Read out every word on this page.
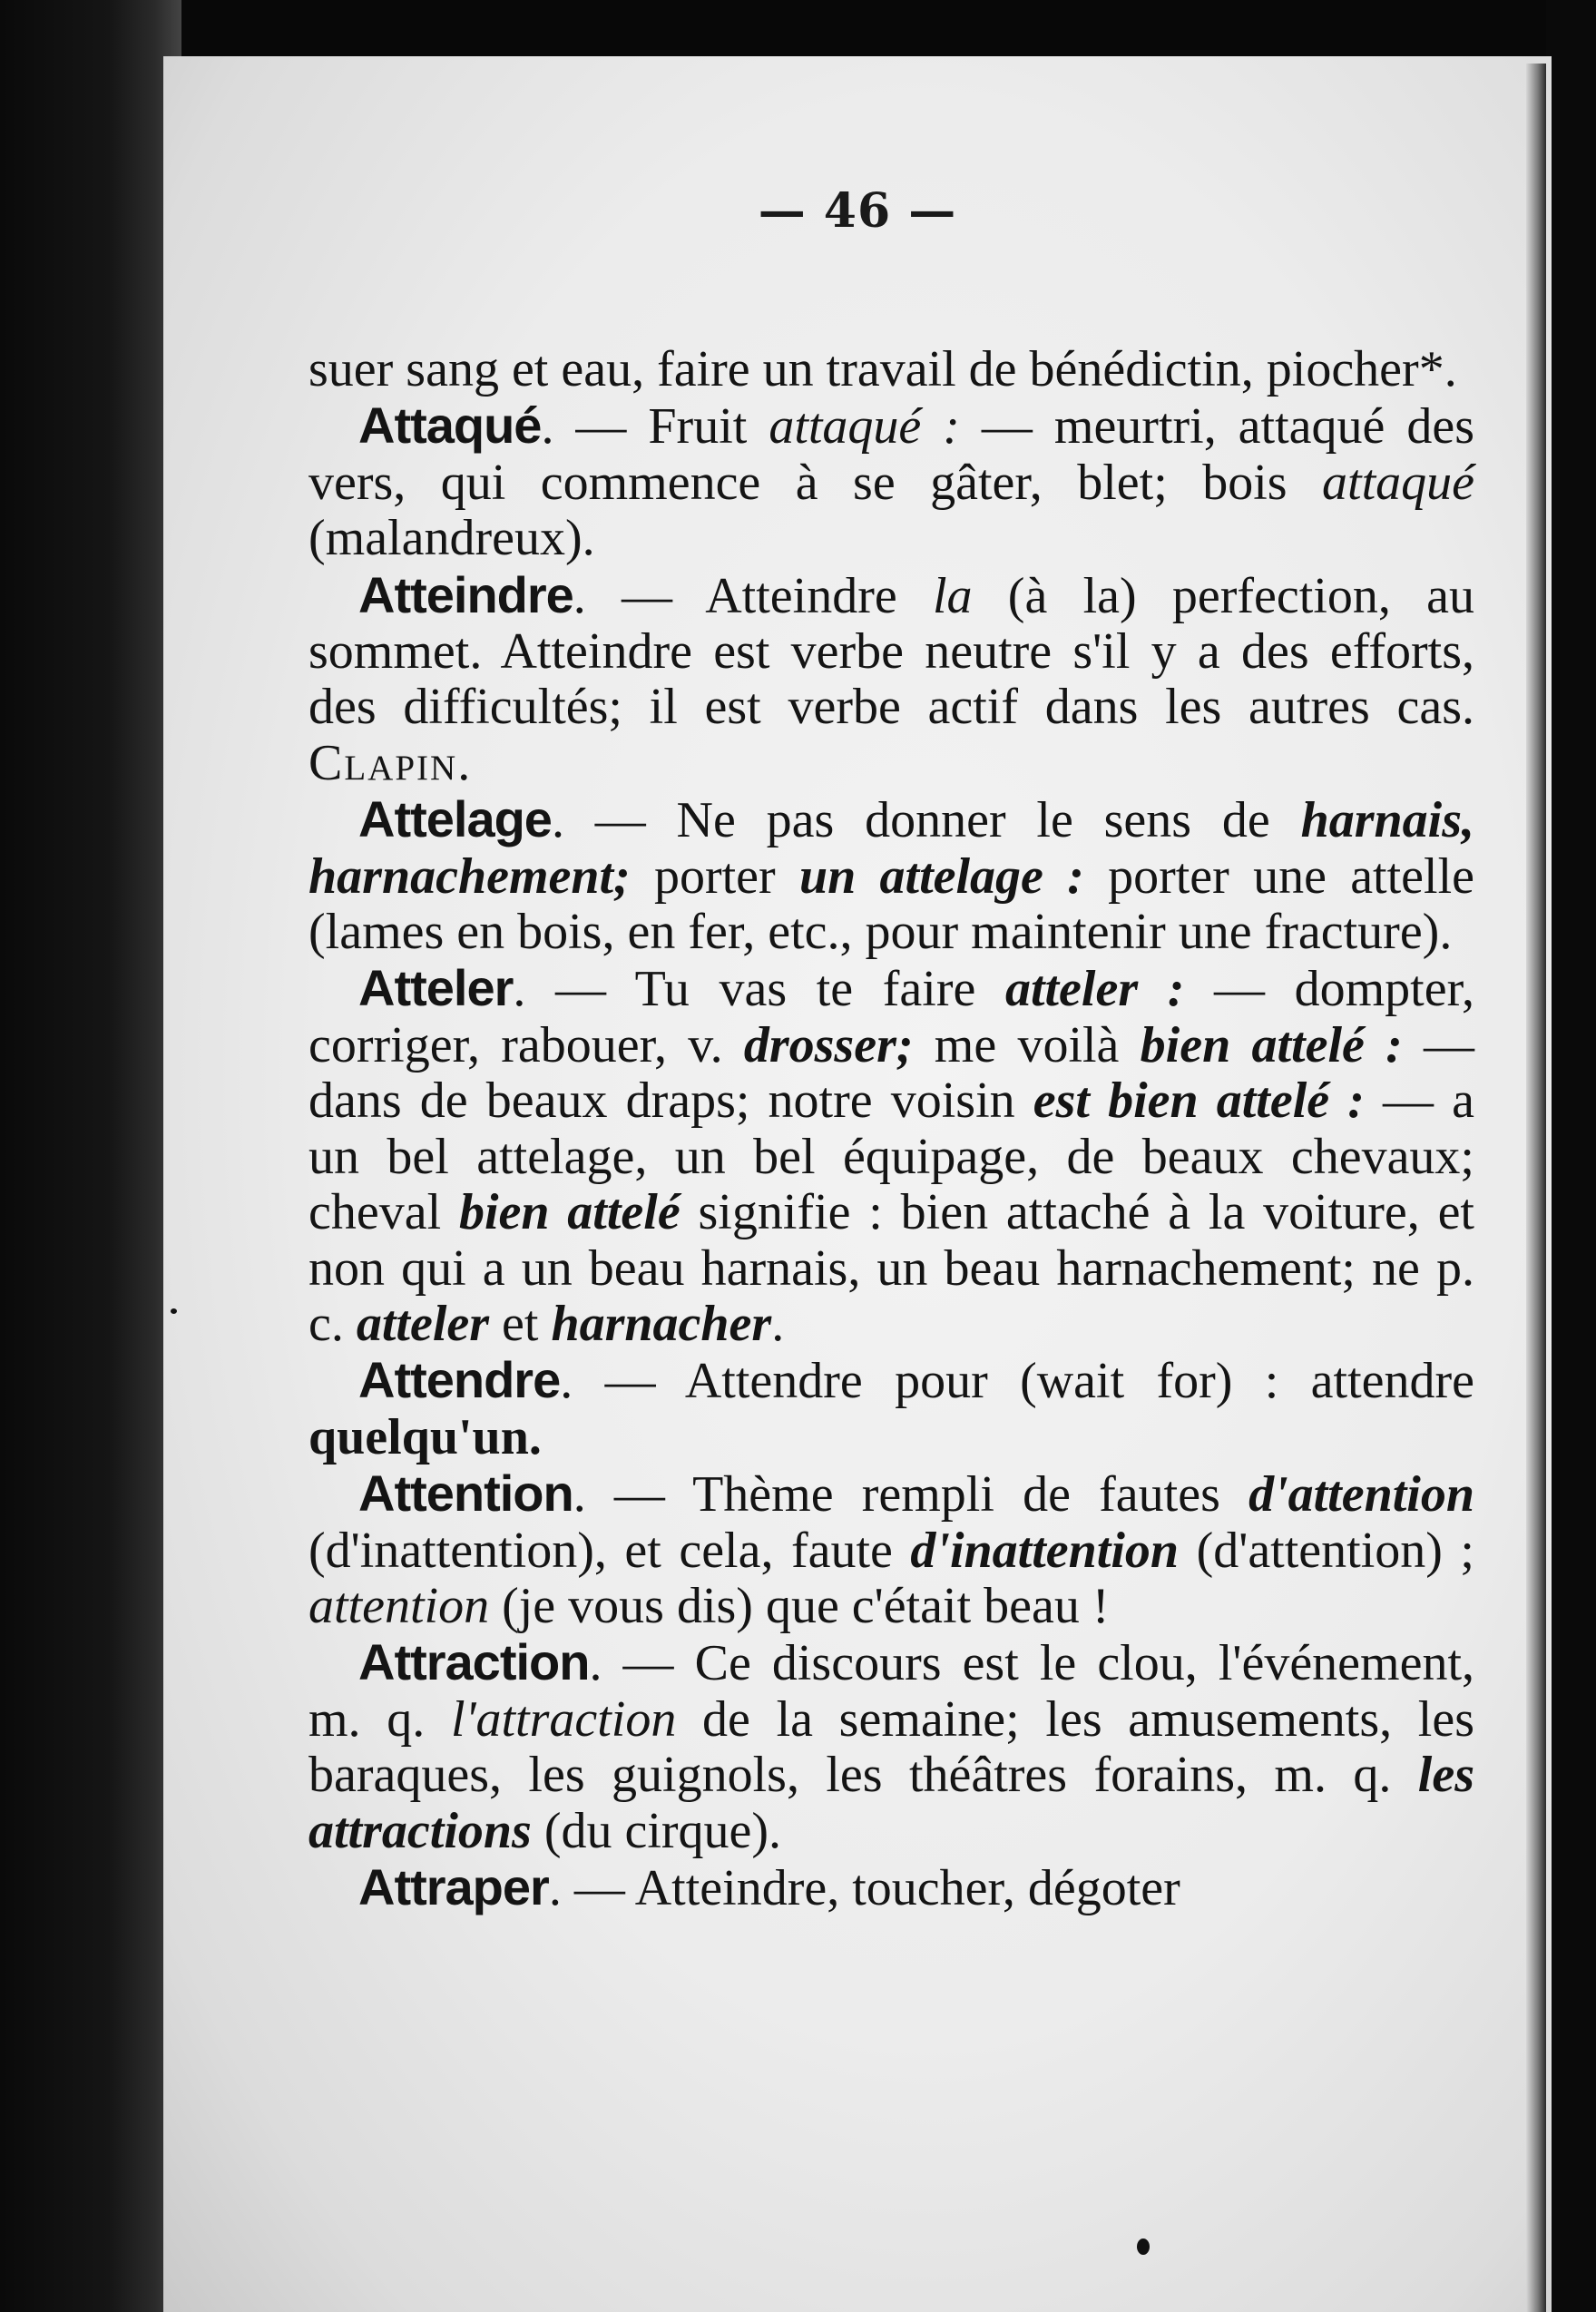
— 46 —

suer sang et eau, faire un travail de bénédictin, piocher*.

Attaqué. — Fruit attaqué : — meurtri, attaqué des vers, qui commence à se gâter, blet; bois attaqué (malandreux).

Atteindre. — Atteindre la (à la) perfection, au sommet. Atteindre est verbe neutre s'il y a des efforts, des difficultés; il est verbe actif dans les autres cas. Clapin.

Attelage. — Ne pas donner le sens de harnais, harnachement; porter un attelage : porter une attelle (lames en bois, en fer, etc., pour maintenir une fracture).

Atteler. — Tu vas te faire atteler : — dompter, corriger, rabouer, v. drosser; me voilà bien attelé : — dans de beaux draps; notre voisin est bien attelé : — a un bel attelage, un bel équipage, de beaux chevaux; cheval bien attelé signifie : bien attaché à la voiture, et non qui a un beau harnais, un beau harnachement; ne p. c. atteler et harnacher.

Attendre. — Attendre pour (wait for) : attendre quelqu'un.

Attention. — Thème rempli de fautes d'attention (d'inattention), et cela, faute d'inattention (d'attention) ; attention (je vous dis) que c'était beau !

Attraction. — Ce discours est le clou, l'événement, m. q. l'attraction de la semaine; les amusements, les baraques, les guignols, les théâtres forains, m. q. les attractions (du cirque).

Attraper. — Atteindre, toucher, dégoter
